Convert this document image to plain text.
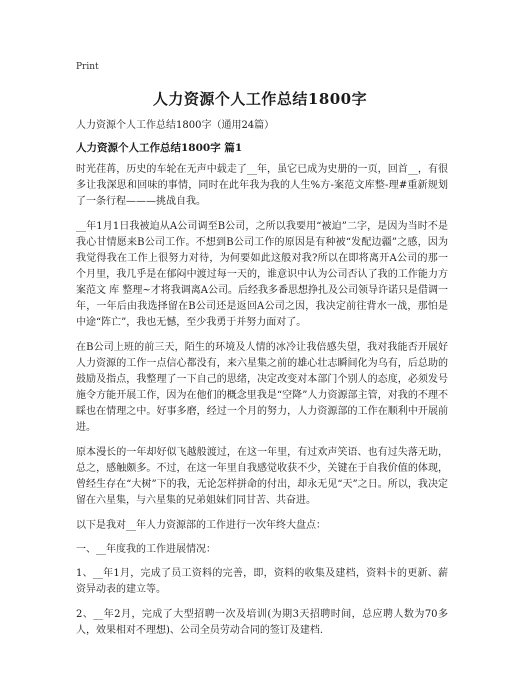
Print
人力资源个人工作总结1800字
人力资源个人工作总结1800字（通用24篇）
人力资源个人工作总结1800字 篇1

时光荏苒，历史的车轮在无声中载走了__年，虽它已成为史册的一页，回首__，有很多让我深思和回味的事情，同时在此年我为我的人生%方-案范文库整-理#重新规划了一条行程———挑战自我。

__年1月1日我被迫从A公司调至B公司，之所以我要用“被迫”二字，是因为当时不是我心甘情愿来B公司工作。不想到B公司工作的原因是有种被“发配边疆”之感，因为我觉得我在工作上很努力对待，为何要如此这般对我?所以在即将离开A公司的那一个月里，我几乎是在郁闷中渡过每一天的，谁意识中认为公司否认了我的工作能力方案范文 库 整理~才将我调离A公司。后经我多番思想挣扎及公司领导许诺只是借调一年，一年后由我选择留在B公司还是返回A公司之因，我决定前往背水一战，那怕是中途“阵亡”，我也无憾，至少我勇于并努力面对了。

在B公司上班的前三天，陌生的环境及人情的冰冷让我倍感失望，我对我能否开展好人力资源的工作一点信心都没有，来六星集之前的雄心壮志瞬间化为乌有，后总助的鼓励及指点，我整理了一下自己的思绪，决定改变对本部门个别人的态度，必须发号施令方能开展工作，因为在他们的概念里我是“空降”人力资源部主管，对我的不理不睬也在情理之中。好事多磨，经过一个月的努力，人力资源部的工作在顺利中开展前进。

原本漫长的一年却好似飞越般渡过，在这一年里，有过欢声笑语、也有过失落无助，总之，感触颇多。不过，在这一年里自我感觉收获不少，关键在于自我价值的体现，曾经生存在“大树”下的我，无论怎样拼命的付出，却永无见“天”之日。所以，我决定留在六星集，与六星集的兄弟姐妹们同甘苦、共奋进。

以下是我对__年人力资源部的工作进行一次年终大盘点：

一、__年度我的工作进展情况：

1、__年1月，完成了员工资料的完善，即，资料的收集及建档，资料卡的更新、薪资异动表的建立等。

2、__年2月，完成了大型招聘一次及培训(为期3天招聘时间，总应聘人数为70多人，效果相对不理想)、公司全员劳动合同的签订及建档.
